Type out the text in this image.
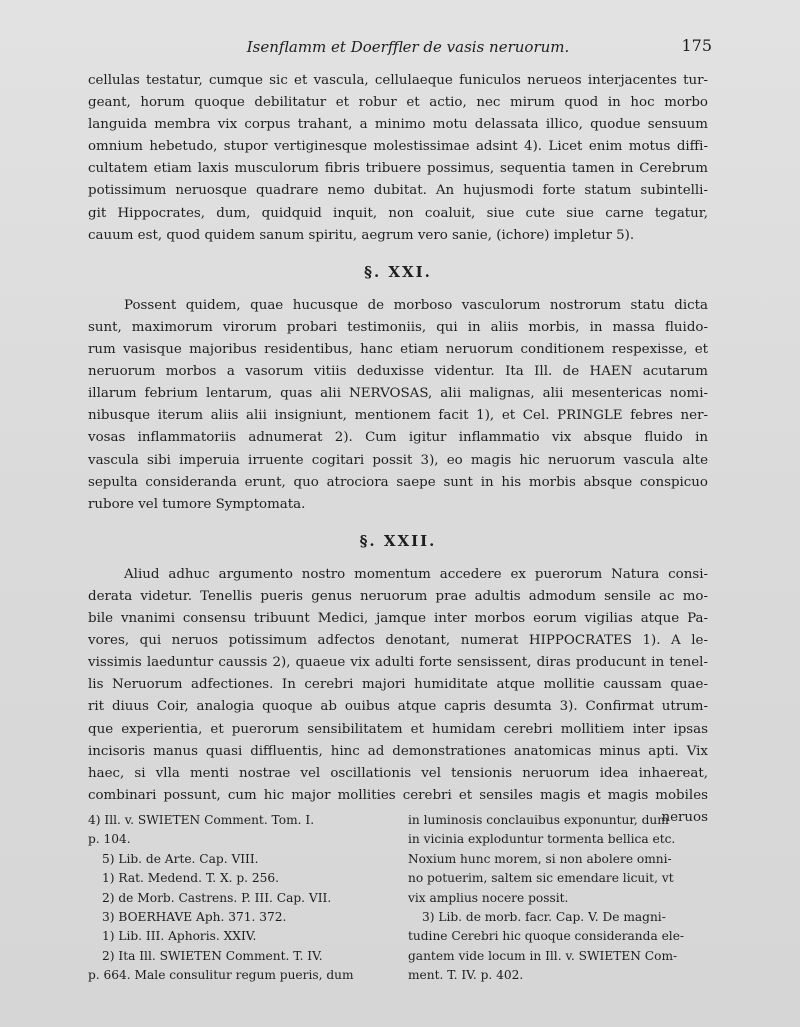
Isenflamm et Doerffler de vasis neruorum.	175
cellulas testatur, cumque sic et vascula, cellulaeque funiculos nerueos interjacentes tur-
geant, horum quoque debilitatur et robur et actio, nec mirum quod in hoc morbo
languida membra vix corpus trahant, a minimo motu delassata illico, quodue sensuum
omnium hebetudo, stupor vertiginesque molestissimae adsint 4). Licet enim motus diffi-
cultatem etiam laxis musculorum fibris tribuere possimus, sequentia tamen in Cerebrum
potissimum neruosque quadrare nemo dubitat. An hujusmodi forte statum subintelli-
git Hippocrates, dum, quidquid inquit, non coaluit, siue cute siue carne tegatur,
cauum est, quod quidem sanum spiritu, aegrum vero sanie, (ichore) impletur 5).
§. XXI.
Possent quidem, quae hucusque de morboso vasculorum nostrorum statu dicta
sunt, maximorum virorum probari testimoniis, qui in aliis morbis, in massa fluido-
rum vasisque majoribus residentibus, hanc etiam neruorum conditionem respexisse, et
neruorum morbos a vasorum vitiis deduxisse videntur. Ita Ill. de HAEN acutarum
illarum febrium lentarum, quas alii NERVOSAS, alii malignas, alii mesentericas nomi-
nibusque iterum aliis alii insigniunt, mentionem facit 1), et Cel. PRINGLE febres ner-
vosas inflammatoriis adnumerat 2). Cum igitur inflammatio vix absque fluido in
vascula sibi imperuia irruente cogitari possit 3), eo magis hic neruorum vascula alte
sepulta consideranda erunt, quo atrociora saepe sunt in his morbis absque conspicuo
rubore vel tumore Symptomata.
§. XXII.
Aliud adhuc argumento nostro momentum accedere ex puerorum Natura consi-
derata videtur. Tenellis pueris genus neruorum prae adultis admodum sensile ac mo-
bile vnanimi consensu tribuunt Medici, jamque inter morbos eorum vigilias atque Pa-
vores, qui neruos potissimum adfectos denotant, numerat HIPPOCRATES 1). A le-
vissimis laeduntur caussis 2), quaeue vix adulti forte sensissent, diras producunt in tenel-
lis Neruorum adfectiones. In cerebri majori humiditate atque mollitie caussam quae-
rit diuus Coir, analogia quoque ab ouibus atque capris desumta 3). Confirmat utrum-
que experientia, et puerorum sensibilitatem et humidam cerebri mollitiem inter ipsas
incisoris manus quasi diffluentis, hinc ad demonstrationes anatomicas minus apti. Vix
haec, si vlla menti nostrae vel oscillationis vel tensionis neruorum idea inhaereat,
combinari possunt, cum hic major mollities cerebri et sensiles magis et magis mobiles
neruos
4) Ill. v. SWIETEN Comment. Tom. I.
p. 104.
5) Lib. de Arte. Cap. VIII.
1) Rat. Medend. T. X. p. 256.
2) de Morb. Castrens. P. III. Cap. VII.
3) BOERHAVE Aph. 371. 372.
1) Lib. III. Aphoris. XXIV.
2) Ita Ill. SWIETEN Comment. T. IV.
p. 664. Male consulitur regum pueris, dum
in luminosis conclauibus exponuntur, dum
in vicinia exploduntur tormenta bellica etc.
Noxium hunc morem, si non abolere omni-
no potuerim, saltem sic emendare licuit, vt
vix amplius nocere possit.
3) Lib. de morb. facr. Cap. V. De magni-
tudine Cerebri hic quoque consideranda ele-
gantem vide locum in Ill. v. SWIETEN Com-
ment. T. IV. p. 402.
